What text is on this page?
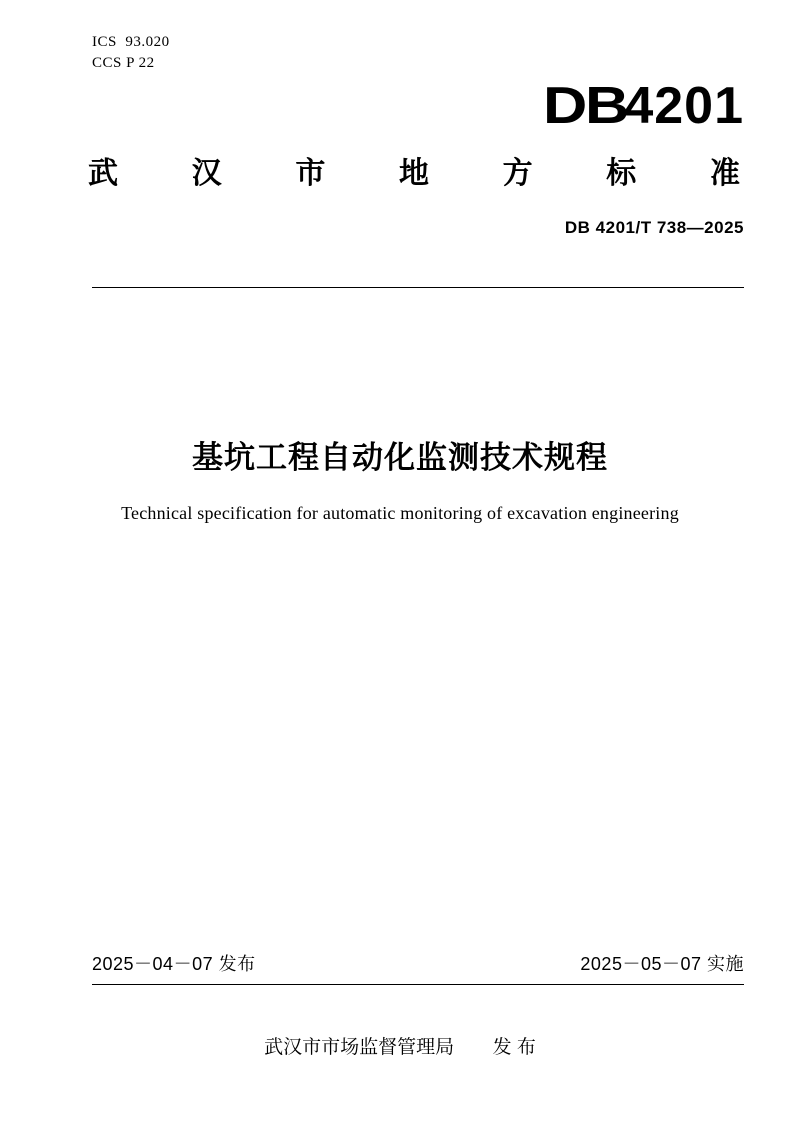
ICS  93.020
CCS P 22
DB
4201
武 汉 市 地 方 标 准
DB 4201/T 738—2025
基坑工程自动化监测技术规程
Technical specification for automatic monitoring of excavation engineering
2025－04－07 发布	2025－05－07 实施
武汉市市场监督管理局 发 布
